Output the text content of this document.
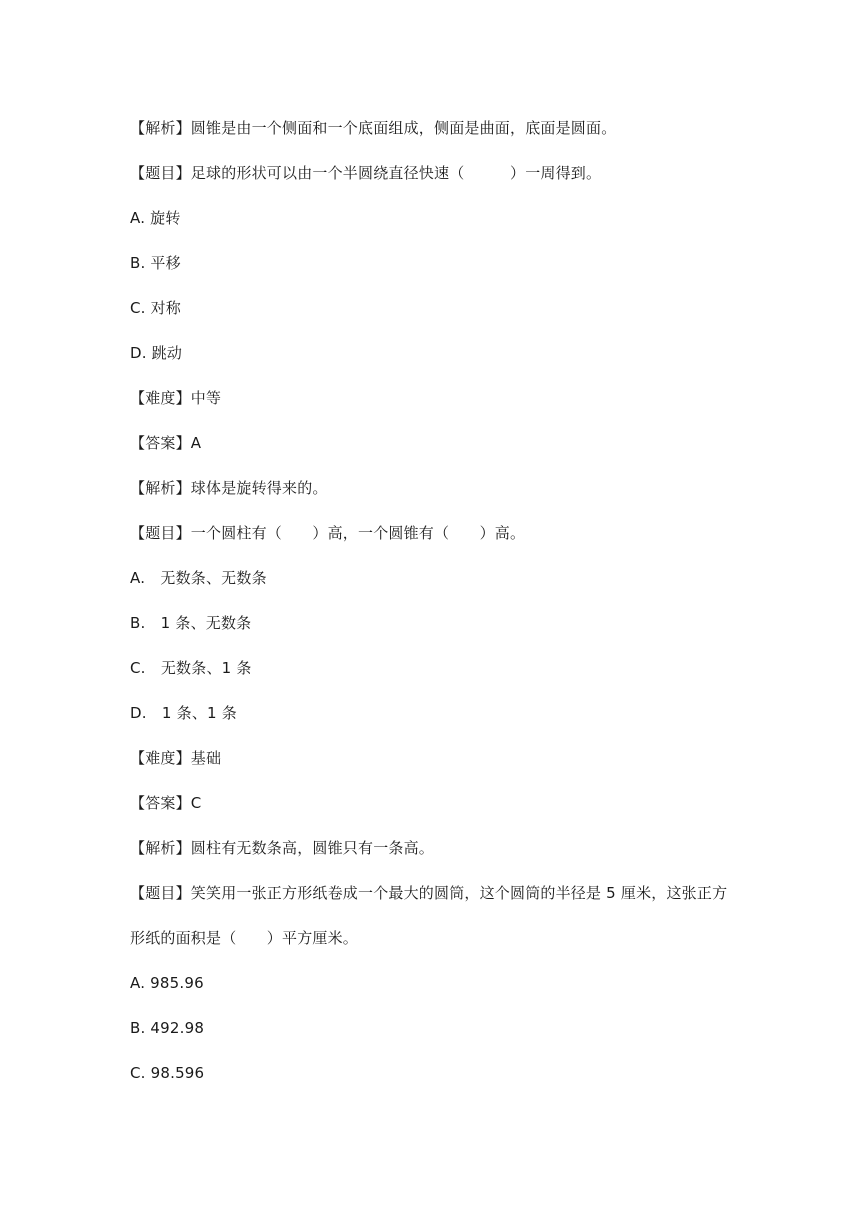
【解析】圆锥是由一个侧面和一个底面组成，侧面是曲面，底面是圆面。
【题目】足球的形状可以由一个半圆绕直径快速（　　　）一周得到。
A. 旋转
B. 平移
C. 对称
D. 跳动
【难度】中等
【答案】A
【解析】球体是旋转得来的。
【题目】一个圆柱有（　　）高，一个圆锥有（　　）高。
A.　无数条、无数条
B.　1 条、无数条
C.　无数条、1 条
D.　1 条、1 条
【难度】基础
【答案】C
【解析】圆柱有无数条高，圆锥只有一条高。
【题目】笑笑用一张正方形纸卷成一个最大的圆筒，这个圆筒的半径是 5 厘米，这张正方
形纸的面积是（　　）平方厘米。
A. 985.96
B. 492.98
C. 98.596
